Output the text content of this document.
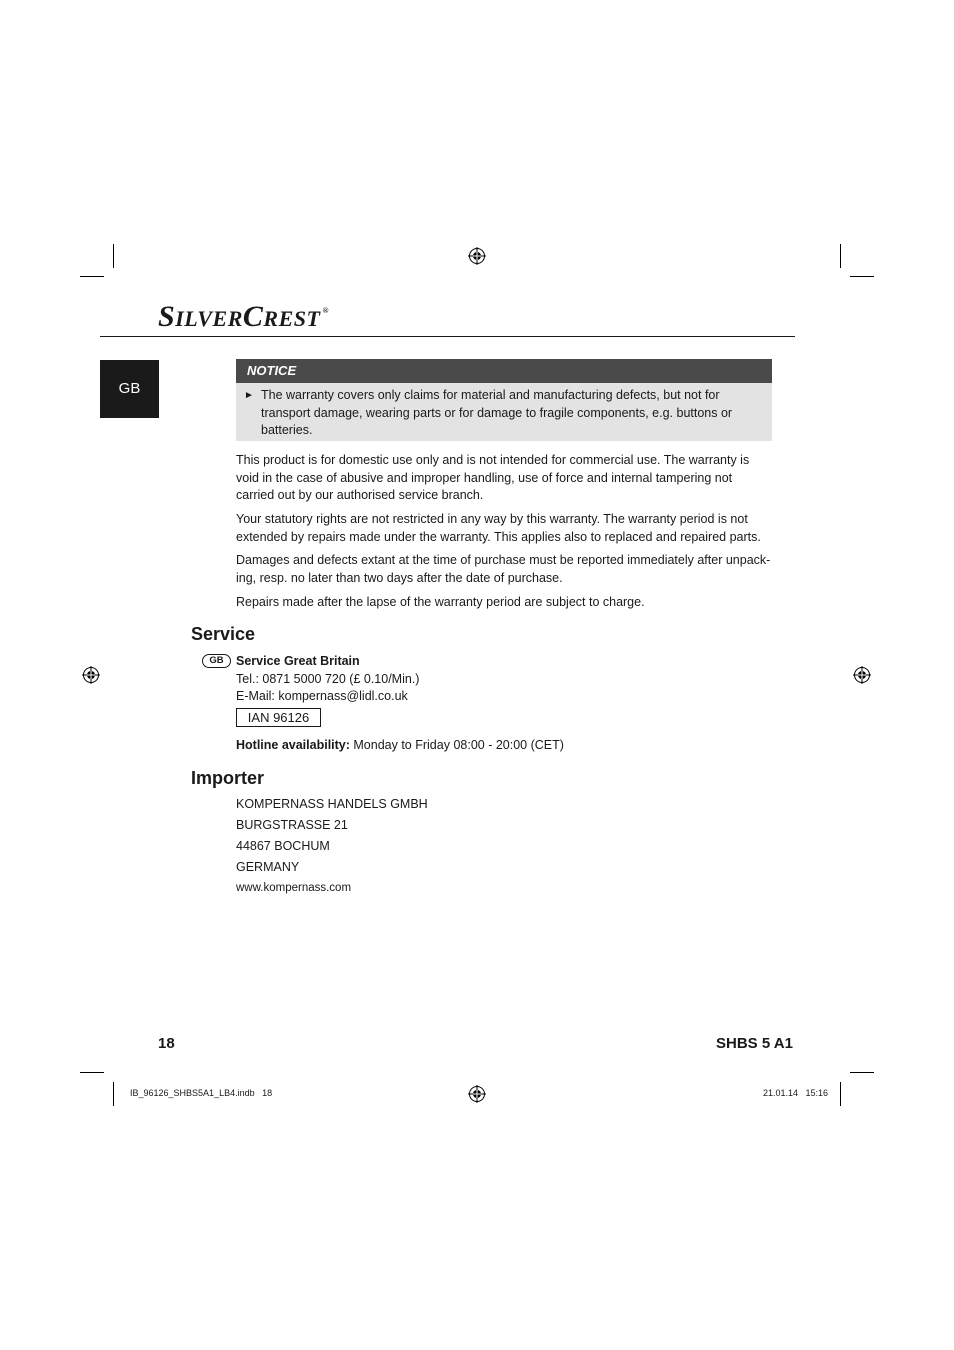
SILVERCREST ®
GB
NOTICE
► The warranty covers only claims for material and manufacturing defects, but not for transport damage, wearing parts or for damage to fragile components, e.g. buttons or batteries.

This product is for domestic use only and is not intended for commercial use. The warranty is void in the case of abusive and improper handling, use of force and internal tampering not carried out by our authorised service branch.

Your statutory rights are not restricted in any way by this warranty. The warranty period is not extended by repairs made under the warranty. This applies also to replaced and repaired parts.

Damages and defects extant at the time of purchase must be reported immediately after unpack-ing, resp. no later than two days after the date of purchase.

Repairs made after the lapse of the warranty period are subject to charge.

Service
GB Service Great Britain
Tel.: 0871 5000 720 (£ 0.10/Min.)
E-Mail: kompernass@lidl.co.uk
IAN 96126
Hotline availability: Monday to Friday 08:00 - 20:00 (CET)
Importer
KOMPERNASS HANDELS GMBH
BURGSTRASSE 21
44867 BOCHUM
GERMANY
www.kompernass.com
18	SHBS 5 A1
IB_96126_SHBS5A1_LB4.indb   18	21.01.14   15:16
